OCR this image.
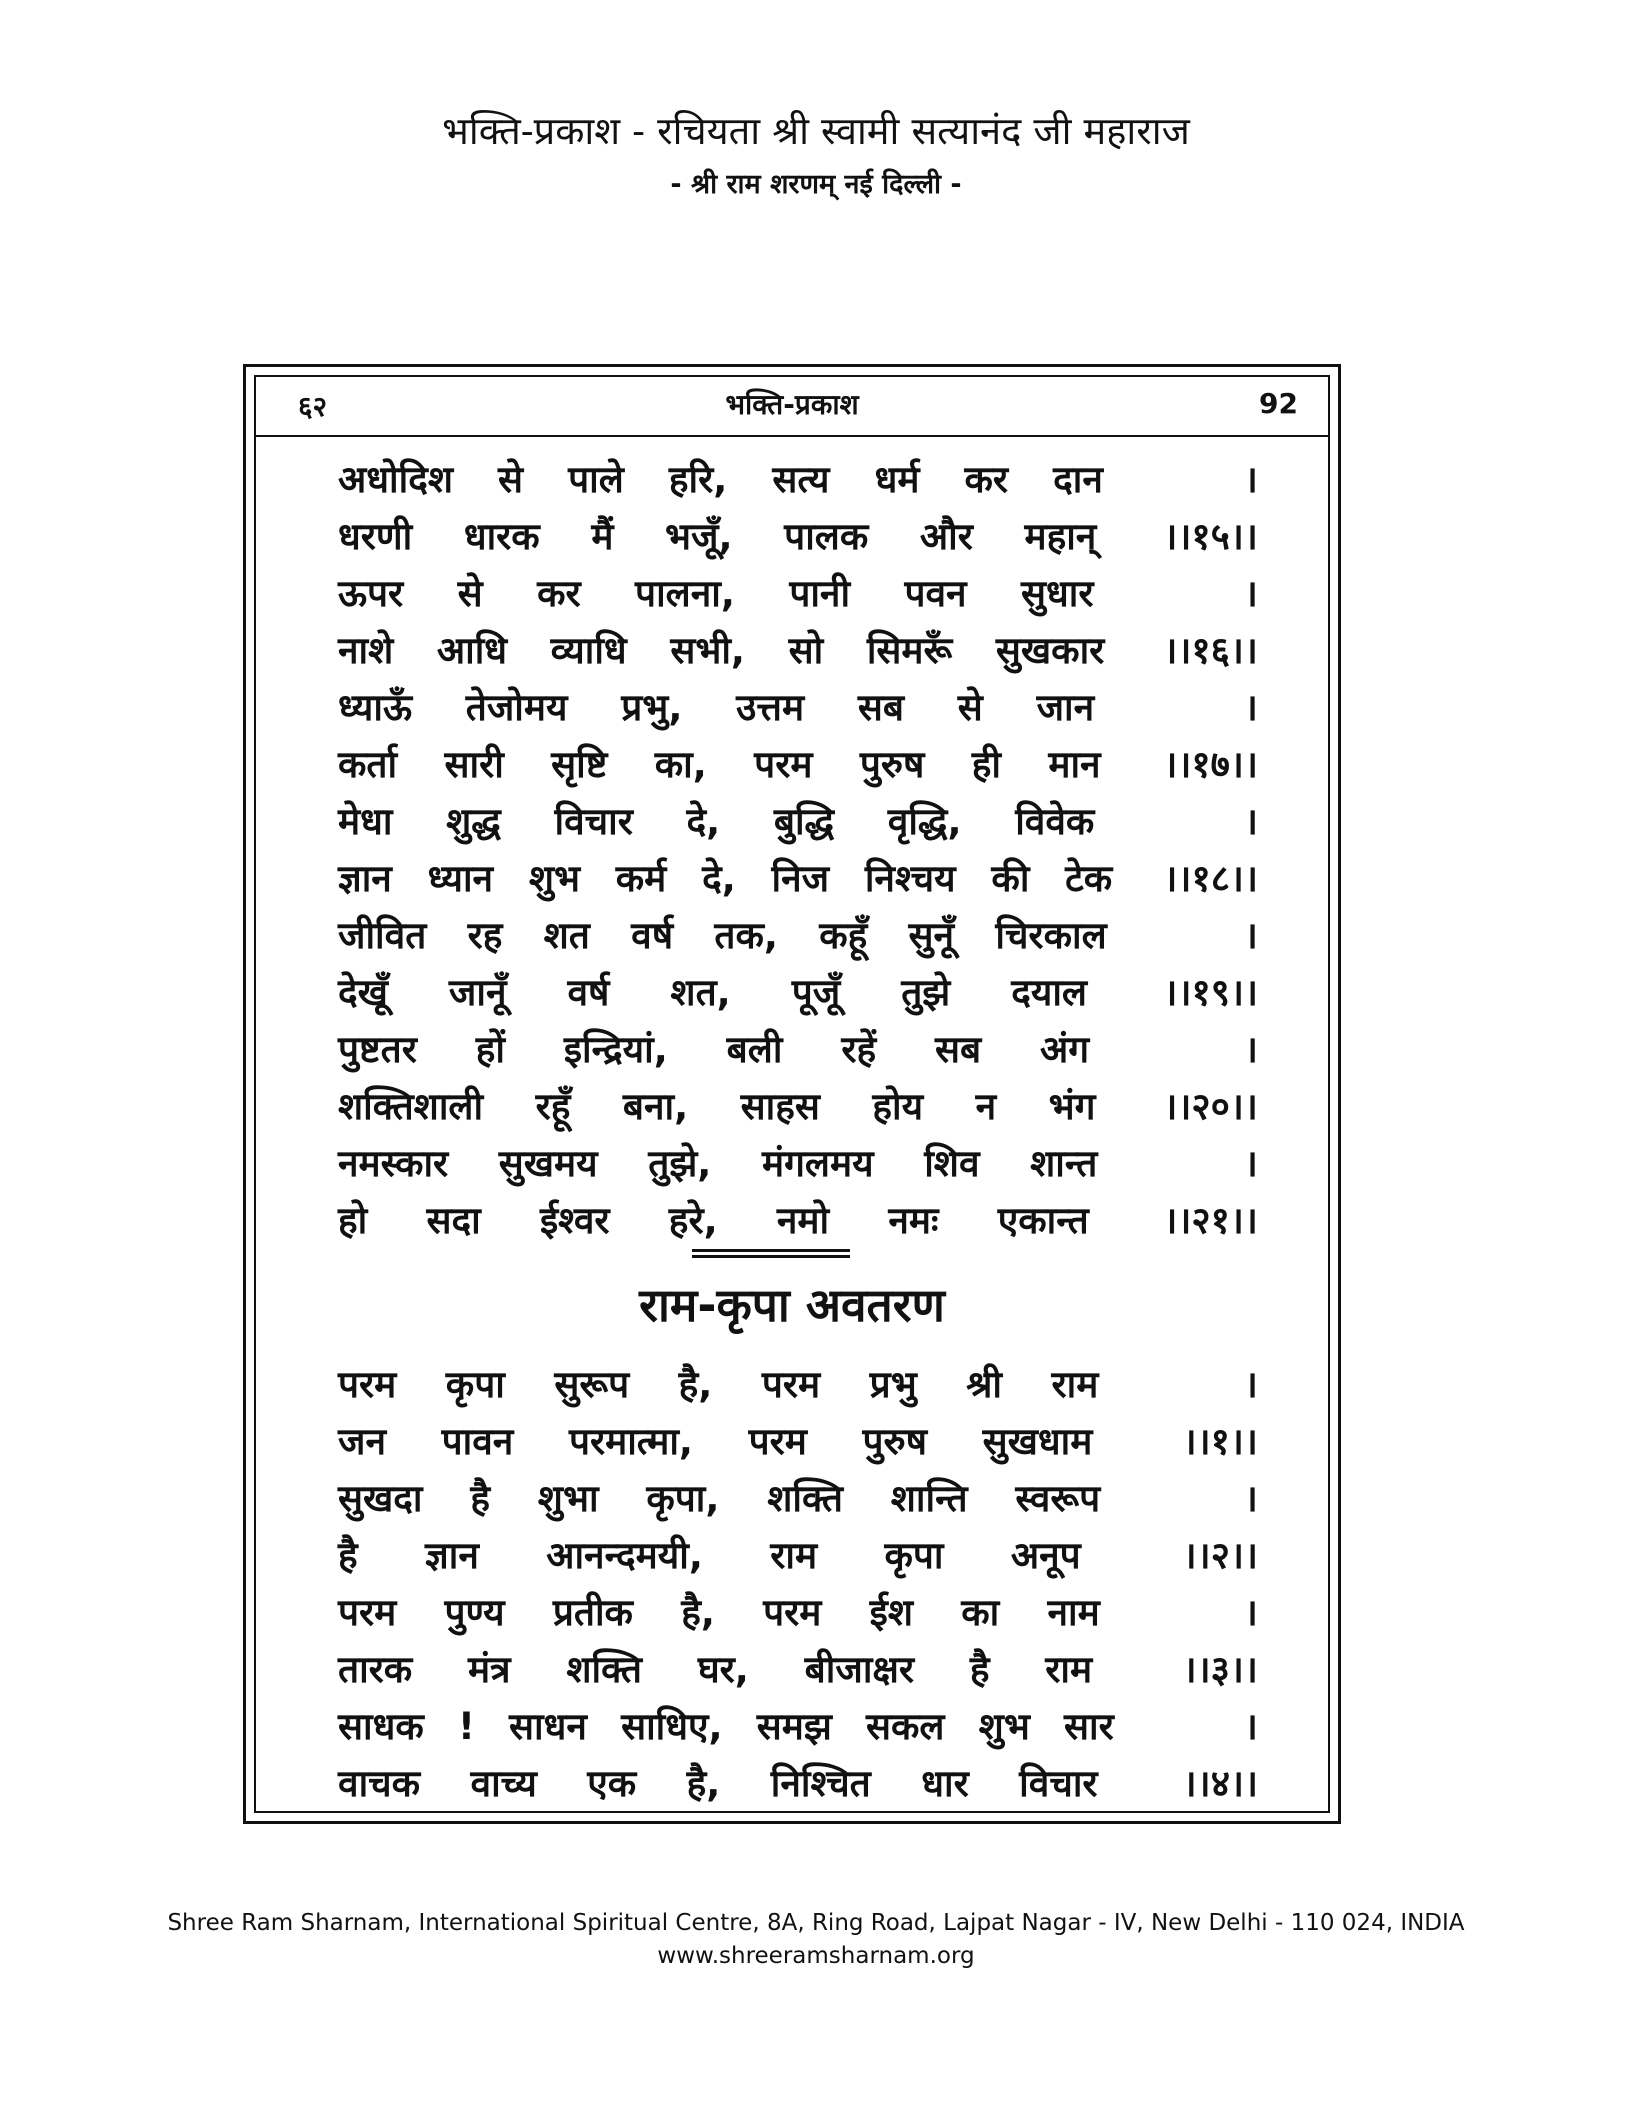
भक्ति-प्रकाश - रचियता श्री स्वामी सत्यानंद जी महाराज
- श्री राम शरणम् नई दिल्ली -
६२	भक्ति-प्रकाश	92
अधोदिश से पाले हरि, सत्य धर्म कर दान	।
धरणी धारक मैं भजूँ, पालक और महान्	।।१५।।
ऊपर से कर पालना, पानी पवन सुधार	।
नाशे आधि व्याधि सभी, सो सिमरूँ सुखकार	।।१६।।
ध्याऊँ तेजोमय प्रभु, उत्तम सब से जान	।
कर्ता सारी सृष्टि का, परम पुरुष ही मान	।।१७।।
मेधा शुद्ध विचार दे, बुद्धि वृद्धि, विवेक	।
ज्ञान ध्यान शुभ कर्म दे, निज निश्चय की टेक	।।१८।।
जीवित रह शत वर्ष तक, कहूँ सुनूँ चिरकाल	।
देखूँ जानूँ वर्ष शत, पूजूँ तुझे दयाल	।।१९।।
पुष्टतर हों इन्द्रियां, बली रहें सब अंग	।
शक्तिशाली रहूँ बना, साहस होय न भंग	।।२०।।
नमस्कार सुखमय तुझे, मंगलमय शिव शान्त	।
हो सदा ईश्वर हरे, नमो नमः एकान्त	।।२१।।
राम-कृपा अवतरण
परम कृपा सुरूप है, परम प्रभु श्री राम	।
जन पावन परमात्मा, परम पुरुष सुखधाम	।।१।।
सुखदा है शुभा कृपा, शक्ति शान्ति स्वरूप	।
है ज्ञान आनन्दमयी, राम कृपा अनूप	।।२।।
परम पुण्य प्रतीक है, परम ईश का नाम	।
तारक मंत्र शक्ति घर, बीजाक्षर है राम	।।३।।
साधक ! साधन साधिए, समझ सकल शुभ सार	।
वाचक वाच्य एक है, निश्चित धार विचार	।।४।।
Shree Ram Sharnam, International Spiritual Centre, 8A, Ring Road, Lajpat Nagar - IV, New Delhi - 110 024, INDIA
www.shreeramsharnam.org
